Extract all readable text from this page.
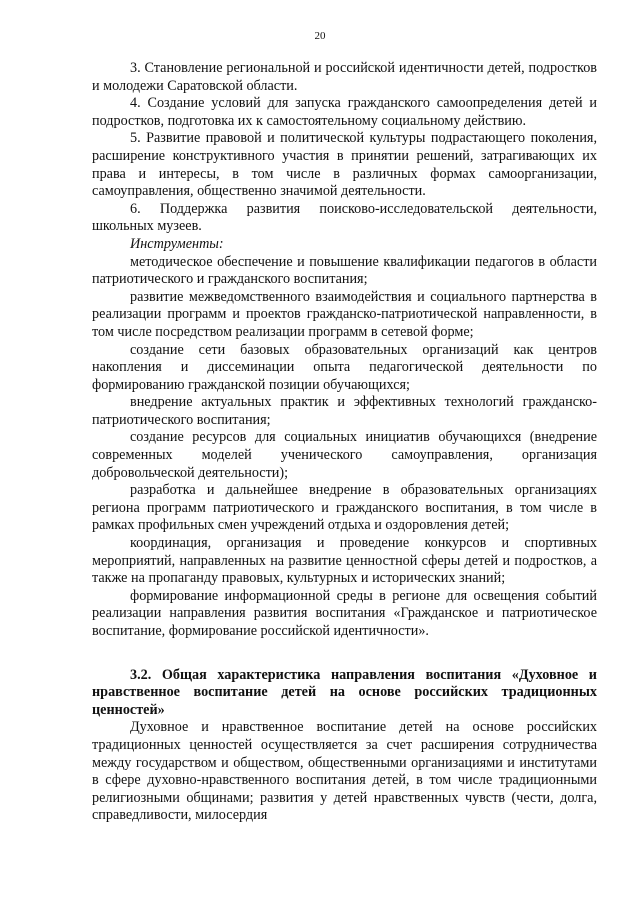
20

3. Становление региональной и российской идентичности детей, подростков и молодежи Саратовской области.

4. Создание условий для запуска гражданского самоопределения детей и подростков, подготовка их к самостоятельному социальному действию.

5. Развитие правовой и политической культуры подрастающего поколения, расширение конструктивного участия в принятии решений, затрагивающих их права и интересы, в том числе в различных формах самоорганизации, самоуправления, общественно значимой деятельности.

6. Поддержка развития поисково-исследовательской деятельности, школьных музеев.

Инструменты:

методическое обеспечение и повышение квалификации педагогов в области патриотического и гражданского воспитания;

развитие межведомственного взаимодействия и социального партнерства в реализации программ и проектов гражданско-патриотической направленности, в том числе посредством реализации программ в сетевой форме;

создание сети базовых образовательных организаций как центров накопления и диссеминации опыта педагогической деятельности по формированию гражданской позиции обучающихся;

внедрение актуальных практик и эффективных технологий гражданско-патриотического воспитания;

создание ресурсов для социальных инициатив обучающихся (внедрение современных моделей ученического самоуправления, организация добровольческой деятельности);

разработка и дальнейшее внедрение в образовательных организациях региона программ патриотического и гражданского воспитания, в том числе в рамках профильных смен учреждений отдыха и оздоровления детей;

координация, организация и проведение конкурсов и спортивных мероприятий, направленных на развитие ценностной сферы детей и подростков, а также на пропаганду правовых, культурных и исторических знаний;

формирование информационной среды в регионе для освещения событий реализации направления развития воспитания «Гражданское и патриотическое воспитание, формирование российской идентичности».

3.2. Общая характеристика направления воспитания «Духовное и нравственное воспитание детей на основе российских традиционных ценностей»

Духовное и нравственное воспитание детей на основе российских традиционных ценностей осуществляется за счет расширения сотрудничества между государством и обществом, общественными организациями и институтами в сфере духовно-нравственного воспитания детей, в том числе традиционными религиозными общинами; развития у детей нравственных чувств (чести, долга, справедливости, милосердия
